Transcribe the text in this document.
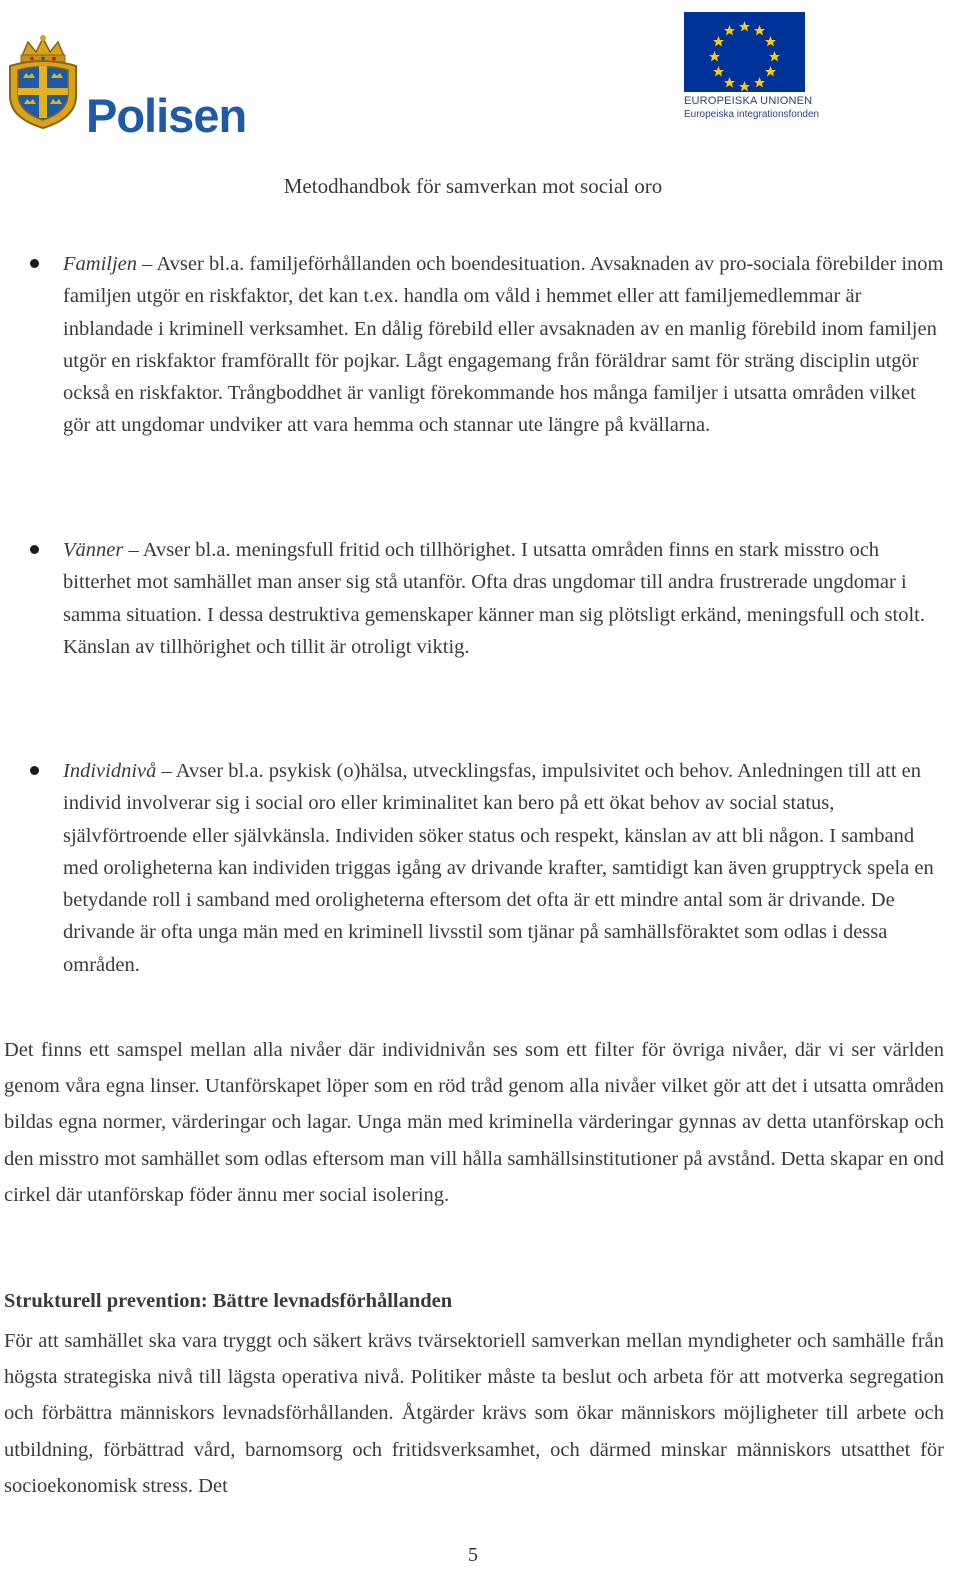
Polisen	EUROPEISKA UNIONEN
Europeiska integrationsfonden
Metodhandbok för samverkan mot social oro
Familjen – Avser bl.a. familjeförhållanden och boendesituation. Avsaknaden av pro-sociala förebilder inom familjen utgör en riskfaktor, det kan t.ex. handla om våld i hemmet eller att familjemedlemmar är inblandade i kriminell verksamhet. En dålig förebild eller avsaknaden av en manlig förebild inom familjen utgör en riskfaktor framförallt för pojkar. Lågt engagemang från föräldrar samt för sträng disciplin utgör också en riskfaktor. Trångboddhet är vanligt förekommande hos många familjer i utsatta områden vilket gör att ungdomar undviker att vara hemma och stannar ute längre på kvällarna.
Vänner – Avser bl.a. meningsfull fritid och tillhörighet. I utsatta områden finns en stark misstro och bitterhet mot samhället man anser sig stå utanför. Ofta dras ungdomar till andra frustrerade ungdomar i samma situation. I dessa destruktiva gemenskaper känner man sig plötsligt erkänd, meningsfull och stolt. Känslan av tillhörighet och tillit är otroligt viktig.
Individnivå – Avser bl.a. psykisk (o)hälsa, utvecklingsfas, impulsivitet och behov. Anledningen till att en individ involverar sig i social oro eller kriminalitet kan bero på ett ökat behov av social status, självförtroende eller självkänsla. Individen söker status och respekt, känslan av att bli någon. I samband med oroligheterna kan individen triggas igång av drivande krafter, samtidigt kan även grupptryck spela en betydande roll i samband med oroligheterna eftersom det ofta är ett mindre antal som är drivande. De drivande är ofta unga män med en kriminell livsstil som tjänar på samhällsföraktet som odlas i dessa områden.
Det finns ett samspel mellan alla nivåer där individnivån ses som ett filter för övriga nivåer, där vi ser världen genom våra egna linser. Utanförskapet löper som en röd tråd genom alla nivåer vilket gör att det i utsatta områden bildas egna normer, värderingar och lagar. Unga män med kriminella värderingar gynnas av detta utanförskap och den misstro mot samhället som odlas eftersom man vill hålla samhällsinstitutioner på avstånd. Detta skapar en ond cirkel där utanförskap föder ännu mer social isolering.
Strukturell prevention: Bättre levnadsförhållanden
För att samhället ska vara tryggt och säkert krävs tvärsektoriell samverkan mellan myndigheter och samhälle från högsta strategiska nivå till lägsta operativa nivå. Politiker måste ta beslut och arbeta för att motverka segregation och förbättra människors levnadsförhållanden. Åtgärder krävs som ökar människors möjligheter till arbete och utbildning, förbättrad vård, barnomsorg och fritidsverksamhet, och därmed minskar människors utsatthet för socioekonomisk stress. Det
5
